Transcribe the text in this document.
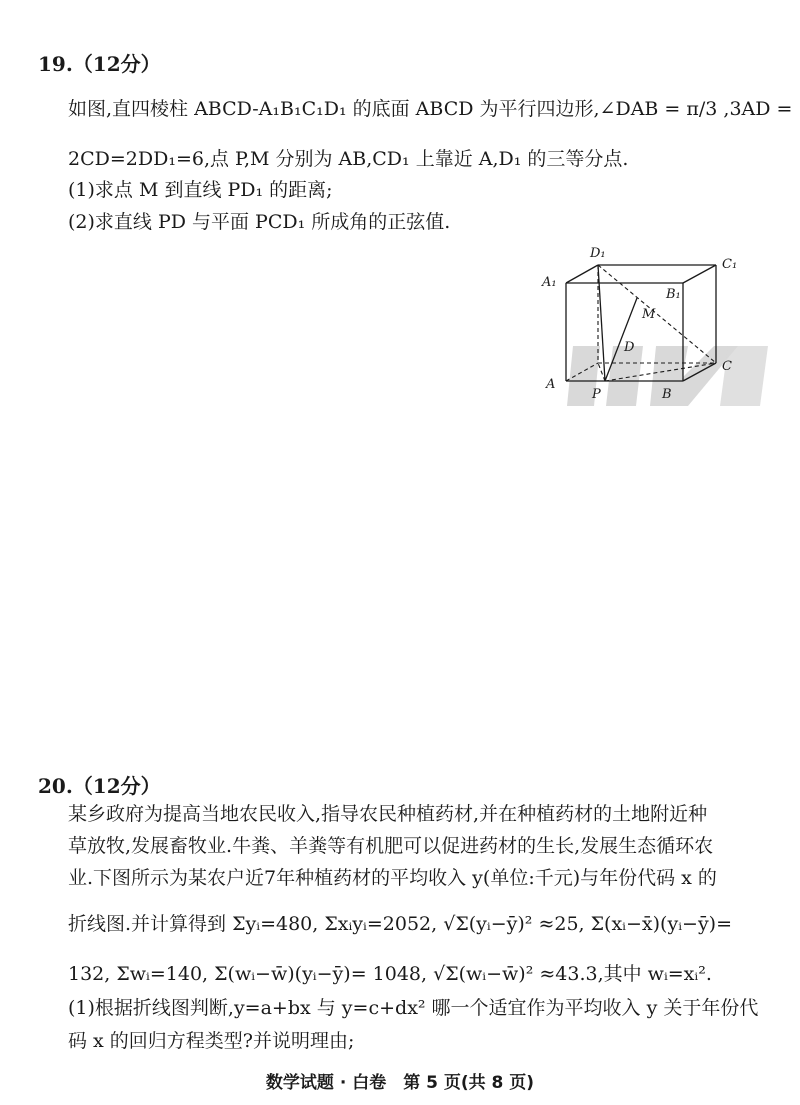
19.（12分）
如图,直四棱柱 ABCD-A₁B₁C₁D₁ 的底面 ABCD 为平行四边形,∠DAB = π/3 ,3AD =
2CD=2DD₁=6,点 P,M 分别为 AB,CD₁ 上靠近 A,D₁ 的三等分点.
(1)求点 M 到直线 PD₁ 的距离;
(2)求直线 PD 与平面 PCD₁ 所成角的正弦值.
D₁
C₁
A₁
B₁
M
D
A
P	B
C
20.（12分）
某乡政府为提高当地农民收入,指导农民种植药材,并在种植药材的土地附近种
草放牧,发展畜牧业.牛粪、羊粪等有机肥可以促进药材的生长,发展生态循环农
业.下图所示为某农户近7年种植药材的平均收入 y(单位:千元)与年份代码 x 的
折线图.并计算得到 Σyᵢ=480, Σxᵢyᵢ=2052, √Σ(yᵢ−ȳ)² ≈25, Σ(xᵢ−x̄)(yᵢ−ȳ)=
132, Σwᵢ=140, Σ(wᵢ−w̄)(yᵢ−ȳ)= 1048, √Σ(wᵢ−w̄)² ≈43.3,其中 wᵢ=xᵢ².
(1)根据折线图判断,y=a+bx 与 y=c+dx² 哪一个适宜作为平均收入 y 关于年份代
码 x 的回归方程类型?并说明理由;
数学试题 · 白卷　第 5 页(共 8 页)
